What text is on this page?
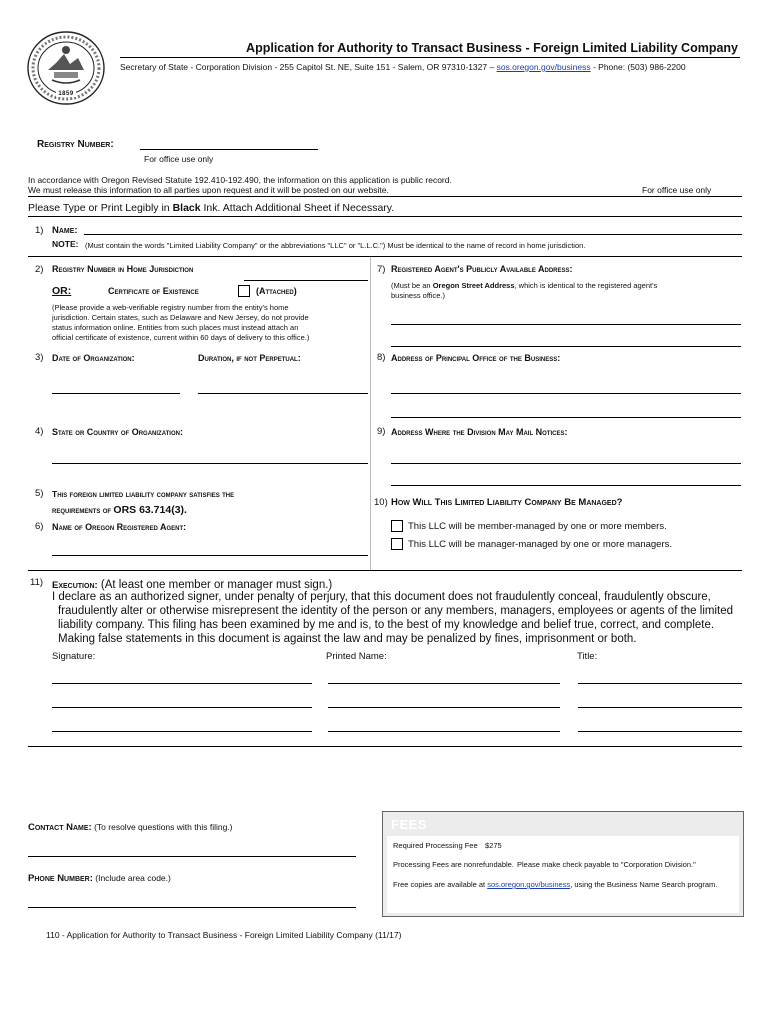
1859
Application for Authority to Transact Business - Foreign Limited Liability Company
Secretary of State - Corporation Division - 255 Capitol St. NE, Suite 151 - Salem, OR 97310-1327 – sos.oregon.gov/business - Phone: (503) 986-2200
Registry Number:
For office use only
In accordance with Oregon Revised Statute 192.410-192.490, the information on this application is public record.
We must release this information to all parties upon request and it will be posted on our website.	For office use only
Please Type or Print Legibly in Black Ink. Attach Additional Sheet if Necessary.
1) Name:
NOTE: (Must contain the words "Limited Liability Company" or the abbreviations "LLC" or "L.L.C.") Must be identical to the name of record in home jurisdiction.
2) Registry Number in Home Jurisdiction
OR:	Certificate of Existence	(Attached)
(Please provide a web-verifiable registry number from the entity's home
jurisdiction. Certain states, such as Delaware and New Jersey, do not provide
status information online. Entities from such places must instead attach an
official certificate of existence, current within 60 days of delivery to this office.)
3) Date of Organization:	Duration, if not Perpetual:
4) State or Country of Organization:
5) This foreign limited liability company satisfies the
requirements of ORS 63.714(3).
6) Name of Oregon Registered Agent:
7) Registered Agent's Publicly Available Address:
(Must be an Oregon Street Address, which is identical to the registered agent's
business office.)
8) Address of Principal Office of the Business:
9) Address Where the Division May Mail Notices:
10) How Will This Limited Liability Company Be Managed?
This LLC will be member-managed by one or more members.
This LLC will be manager-managed by one or more managers.
11) Execution: (At least one member or manager must sign.)
I declare as an authorized signer, under penalty of perjury, that this document does not fraudulently conceal, fraudulently obscure,
fraudulently alter or otherwise misrepresent the identity of the person or any members, managers, employees or agents of the limited
liability company. This filing has been examined by me and is, to the best of my knowledge and belief true, correct, and complete.
Making false statements in this document is against the law and may be penalized by fines, imprisonment or both.
Signature:	Printed Name:	Title:
Contact Name: (To resolve questions with this filing.)
Phone Number: (Include area code.)
FEES
Required Processing Fee $275
Processing Fees are nonrefundable. Please make check payable to "Corporation Division."
Free copies are available at sos.oregon.gov/business, using the Business Name Search program.
110 - Application for Authority to Transact Business - Foreign Limited Liability Company (11/17)
